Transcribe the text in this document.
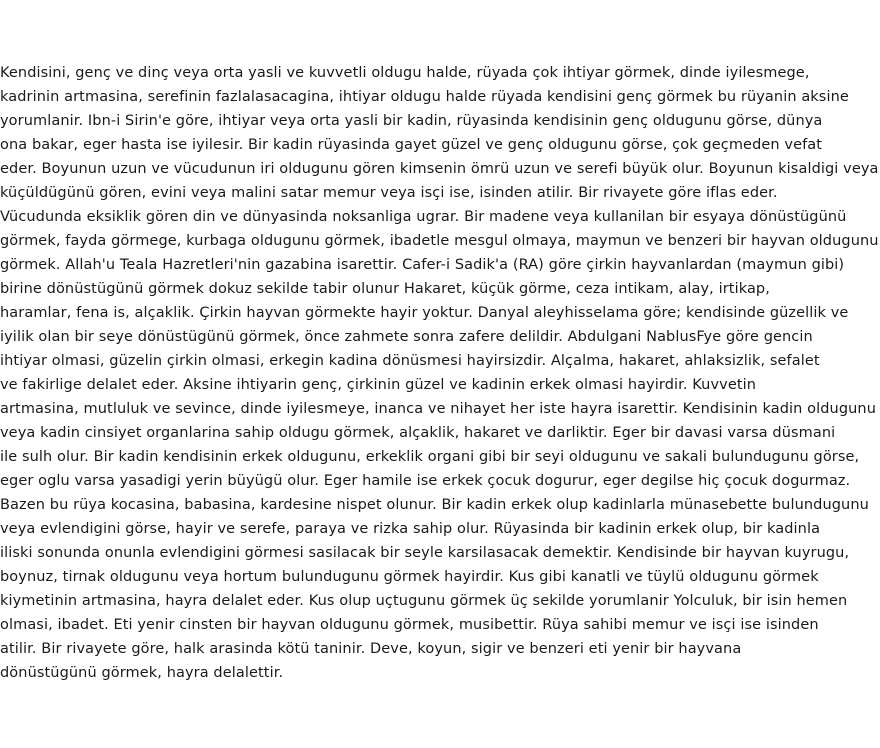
Kendisini, genç ve dinç veya orta yasli ve kuvvetli oldugu halde, rüyada çok ihtiyar görmek, dinde iyilesmege,
kadrinin artmasina, serefinin fazlalasacagina, ihtiyar oldugu halde rüyada kendisini genç görmek bu rüyanin aksine
yorumlanir. Ibn-i Sirin'e göre, ihtiyar veya orta yasli bir kadin, rüyasinda kendisinin genç oldugunu görse, dünya
ona bakar, eger hasta ise iyilesir. Bir kadin rüyasinda gayet güzel ve genç oldugunu görse, çok geçmeden vefat
eder. Boyunun uzun ve vücudunun iri oldugunu gören kimsenin ömrü uzun ve serefi büyük olur. Boyunun kisaldigi veya
küçüldügünü gören, evini veya malini satar memur veya isçi ise, isinden atilir. Bir rivayete göre iflas eder.
Vücudunda eksiklik gören din ve dünyasinda noksanliga ugrar. Bir madene veya kullanilan bir esyaya dönüstügünü
görmek, fayda görmege, kurbaga oldugunu görmek, ibadetle mesgul olmaya, maymun ve benzeri bir hayvan oldugunu
görmek. Allah'u Teala Hazretleri'nin gazabina isarettir. Cafer-i Sadik'a (RA) göre çirkin hayvanlardan (maymun gibi)
birine dönüstügünü görmek dokuz sekilde tabir olunur Hakaret, küçük görme, ceza intikam, alay, irtikap,
haramlar, fena is, alçaklik. Çirkin hayvan görmekte hayir yoktur. Danyal aleyhisselama göre; kendisinde güzellik ve
iyilik olan bir seye dönüstügünü görmek, önce zahmete sonra zafere delildir. Abdulgani NablusFye göre gencin
ihtiyar olmasi, güzelin çirkin olmasi, erkegin kadina dönüsmesi hayirsizdir. Alçalma, hakaret, ahlaksizlik, sefalet
ve fakirlige delalet eder. Aksine ihtiyarin genç, çirkinin güzel ve kadinin erkek olmasi hayirdir. Kuvvetin
artmasina, mutluluk ve sevince, dinde iyilesmeye, inanca ve nihayet her iste hayra isarettir. Kendisinin kadin oldugunu
veya kadin cinsiyet organlarina sahip oldugu görmek, alçaklik, hakaret ve darliktir. Eger bir davasi varsa düsmani
ile sulh olur. Bir kadin kendisinin erkek oldugunu, erkeklik organi gibi bir seyi oldugunu ve sakali bulundugunu görse,
eger oglu varsa yasadigi yerin büyügü olur. Eger hamile ise erkek çocuk dogurur, eger degilse hiç çocuk dogurmaz.
Bazen bu rüya kocasina, babasina, kardesine nispet olunur. Bir kadin erkek olup kadinlarla münasebette bulundugunu
veya evlendigini görse, hayir ve serefe, paraya ve rizka sahip olur. Rüyasinda bir kadinin erkek olup, bir kadinla
iliski sonunda onunla evlendigini görmesi sasilacak bir seyle karsilasacak demektir. Kendisinde bir hayvan kuyrugu,
boynuz, tirnak oldugunu veya hortum bulundugunu görmek hayirdir. Kus gibi kanatli ve tüylü oldugunu görmek
kiymetinin artmasina, hayra delalet eder. Kus olup uçtugunu görmek üç sekilde yorumlanir Yolculuk, bir isin hemen
olmasi, ibadet. Eti yenir cinsten bir hayvan oldugunu görmek, musibettir. Rüya sahibi memur ve isçi ise isinden
atilir. Bir rivayete göre, halk arasinda kötü taninir. Deve, koyun, sigir ve benzeri eti yenir bir hayvana
dönüstügünü görmek, hayra delalettir.
